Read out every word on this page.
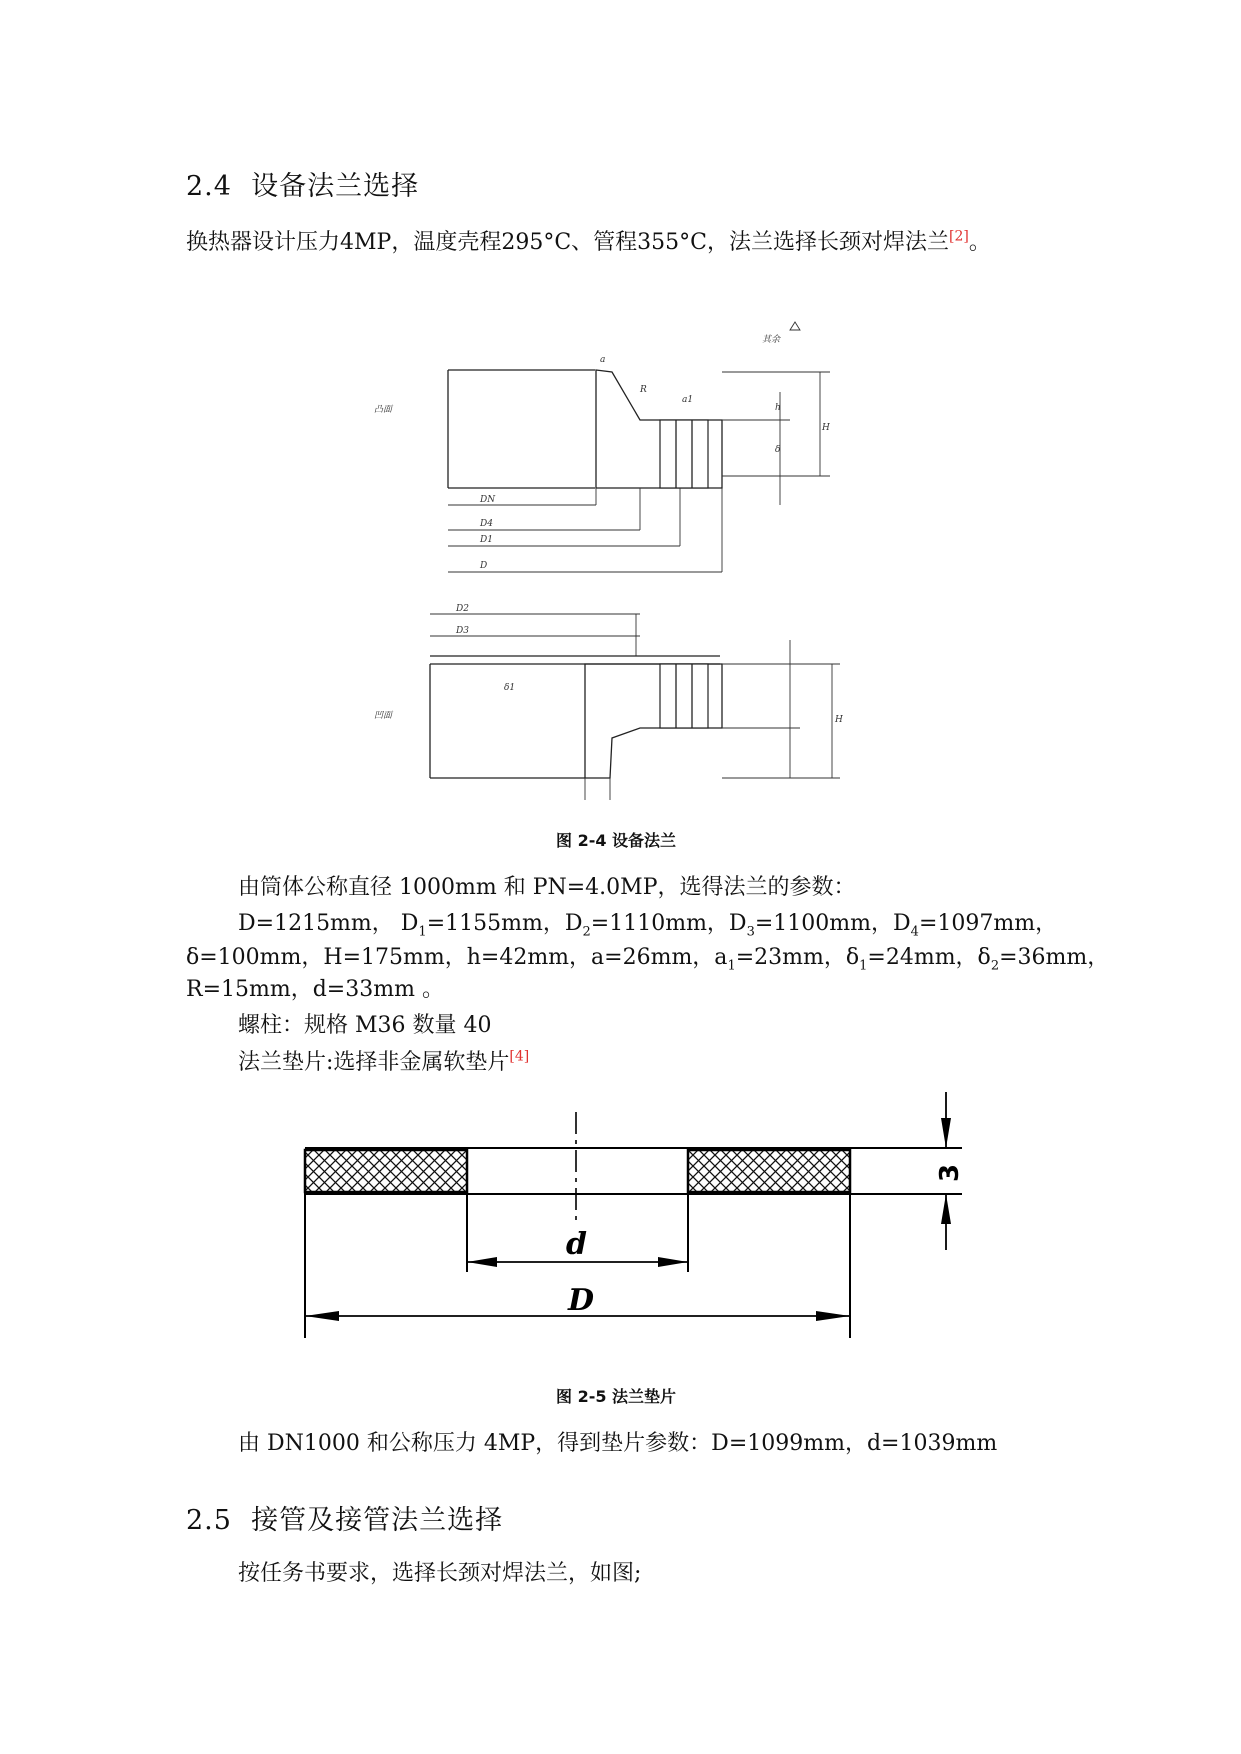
2.4 设备法兰选择
换热器设计压力4MP，温度壳程295°C、管程355°C，法兰选择长颈对焊法兰[2]。
其余
DN
D4
D1
D
凸面
H
h
δ
R
a
a1
D2
D3
凹面	H
δ1
图 2-4 设备法兰
由筒体公称直径 1000mm 和 PN=4.0MP，选得法兰的参数：
D=1215mm， $D_1=1155mm$，$D_2=1110mm$，$D_3=1100mm$，$D_4=1097mm$，
δ=100mm，H=175mm，h=42mm，a=26mm，$a_1=23mm$，$\delta_1=24mm$，$\delta_2=36mm$，
R=15mm，d=33mm 。
螺柱：规格 M36 数量 40
法兰垫片:选择非金属软垫片[4]
d
D
3
图 2-5 法兰垫片
由 DN1000 和公称压力 4MP，得到垫片参数：D=1099mm，d=1039mm
2.5 接管及接管法兰选择
按任务书要求，选择长颈对焊法兰，如图;
